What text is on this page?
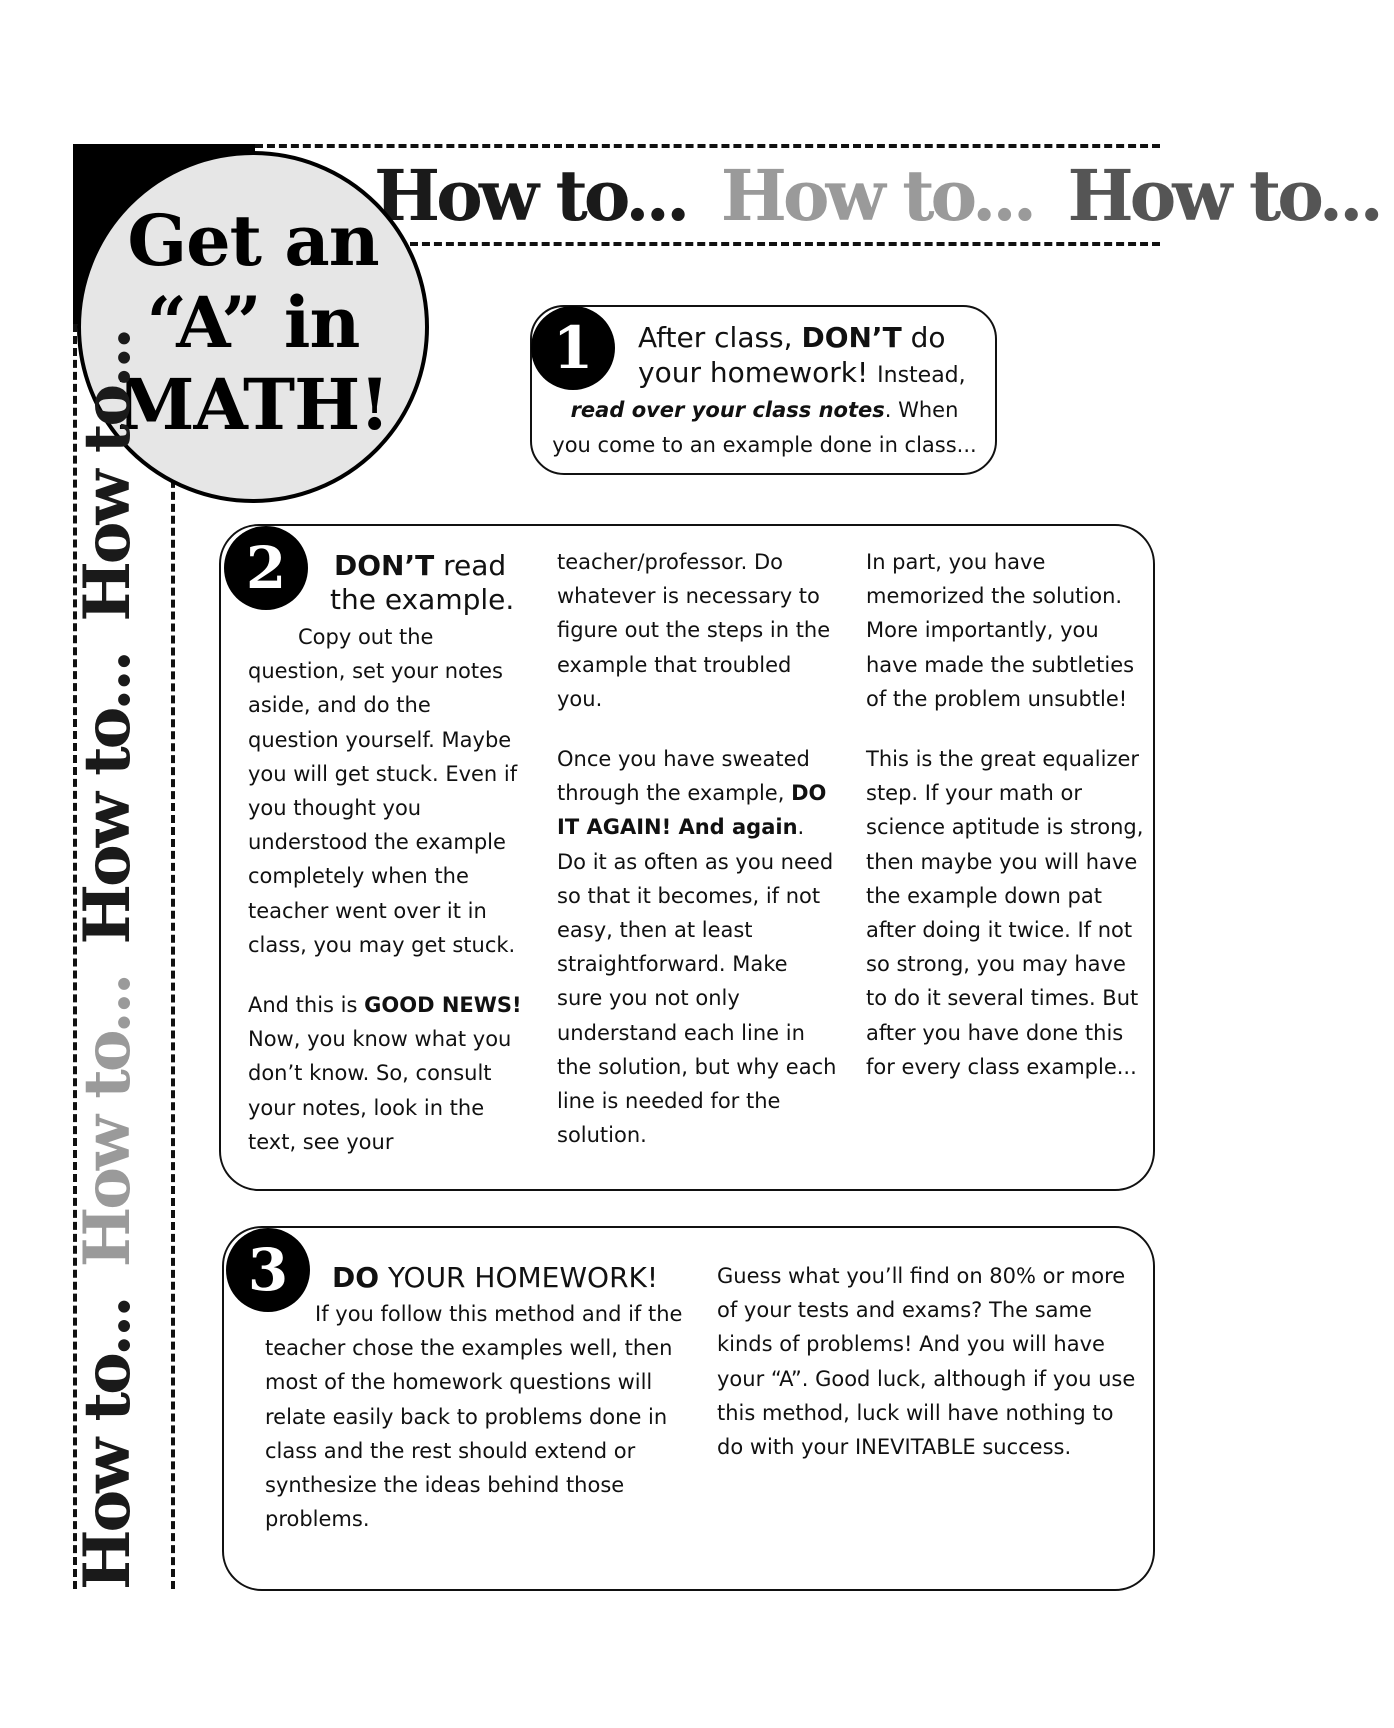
How to... How to... How to...
Get an
“A” in
MATH!
How to... How to... How to... How to...	1 After class, DON’T do
your homework! Instead,
read over your class notes. When
you come to an example done in class...
2 DON’T read
the example.

Copy out the question, set your notes aside, and do the question yourself. Maybe you will get stuck. Even if you thought you understood the example completely when the teacher went over it in class, you may get stuck.

And this is GOOD NEWS! Now, you know what you don’t know. So, consult your notes, look in the text, see your

teacher/professor. Do whatever is necessary to figure out the steps in the example that troubled you.

Once you have sweated through the example, DO IT AGAIN! And again. Do it as often as you need so that it becomes, if not easy, then at least straightforward. Make sure you not only understand each line in the solution, but why each line is needed for the solution.

In part, you have memorized the solution. More importantly, you have made the subtleties of the problem unsubtle!

This is the great equalizer step. If your math or science aptitude is strong, then maybe you will have the example down pat after doing it twice. If not so strong, you may have to do it several times. But after you have done this for every class example...

3 DO YOUR HOMEWORK!

If you follow this method and if the teacher chose the examples well, then most of the homework questions will relate easily back to problems done in class and the rest should extend or synthesize the ideas behind those problems.

Guess what you’ll find on 80% or more of your tests and exams? The same kinds of problems! And you will have your “A”. Good luck, although if you use this method, luck will have nothing to do with your INEVITABLE success.
